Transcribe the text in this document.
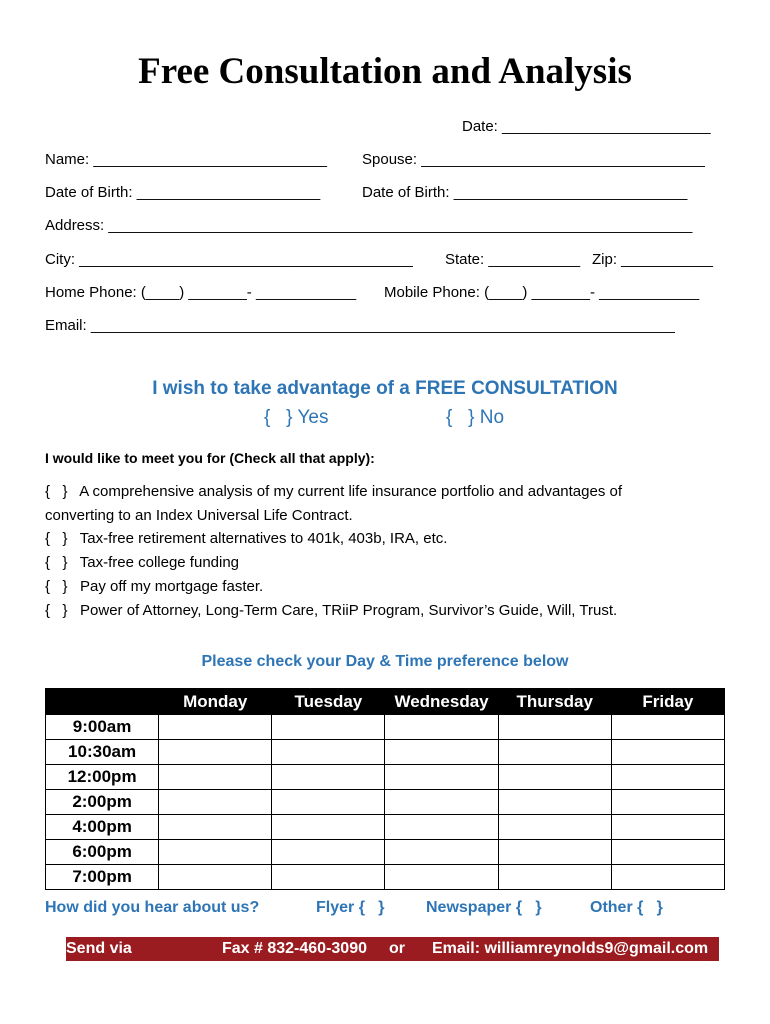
Free Consultation and Analysis
Date: _________________________
Name: ____________________________ Spouse: __________________________________
Date of Birth: ______________________	Date of Birth: ____________________________
Address: ______________________________________________________________________
City: ________________________________________ State: ___________ Zip: ___________
Home Phone: (____) _______- ____________ Mobile Phone: (____) _______- ____________
Email: ______________________________________________________________________
I wish to take advantage of a FREE CONSULTATION
{   } Yes	{   } No
I would like to meet you for (Check all that apply):
{   }   A comprehensive analysis of my current life insurance portfolio and advantages of
converting to an Index Universal Life Contract.
{   }   Tax-free retirement alternatives to 401k, 403b, IRA, etc.
{   }   Tax-free college funding
{   }   Pay off my mortgage faster.
{   }   Power of Attorney, Long-Term Care, TRiiP Program, Survivor’s Guide, Will, Trust.
Please check your Day & Time preference below
	Monday	Tuesday	Wednesday	Thursday	Friday
9:00am					
10:30am					
12:00pm					
2:00pm					
4:00pm					
6:00pm					
7:00pm					
How did you hear about us?	Flyer {   }	Newspaper {   }	Other {   }
Send via	Fax # 832-460-3090 or Email: williamreynolds9@gmail.com
